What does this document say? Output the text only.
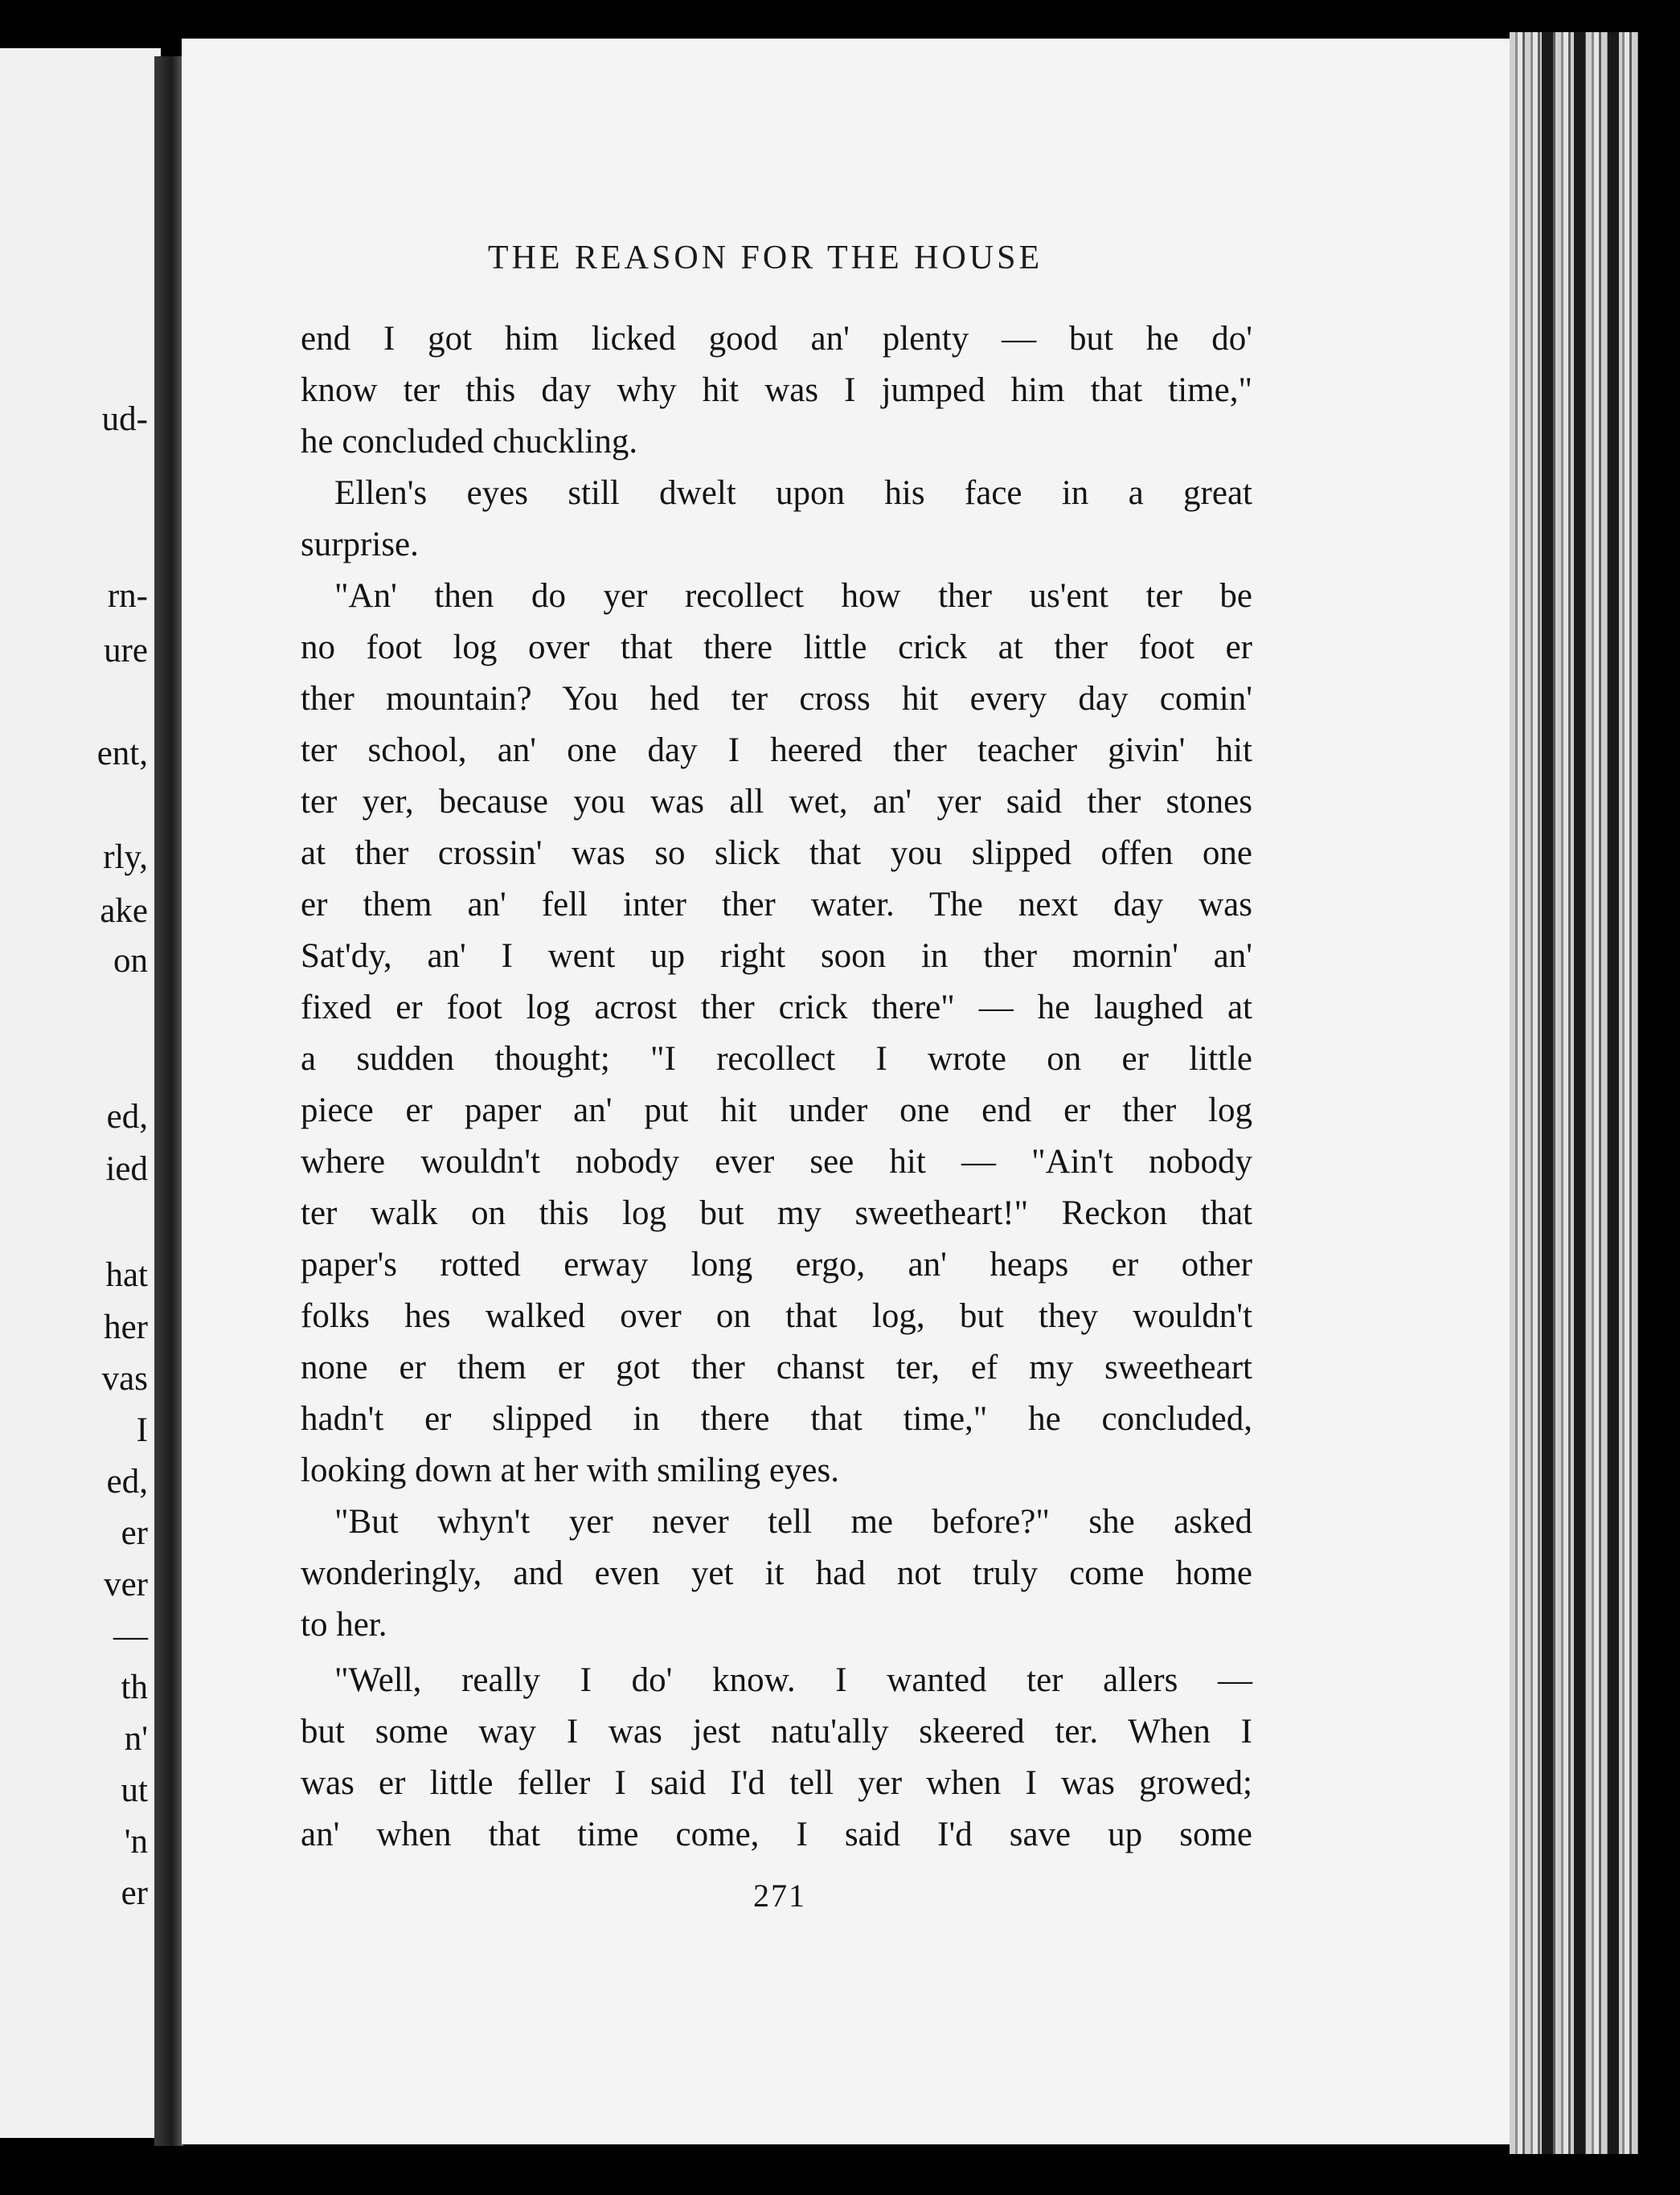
ud-
rn-
ure
ent,
rly,
ake
on
ed,
ied
hat
her
vas
I
ed,
er
ver
—
th
n'
ut
'n
er
THE REASON FOR THE HOUSE
end I got him licked good an' plenty — but he do'
know ter this day why hit was I jumped him that time,"
he concluded chuckling.
Ellen's eyes still dwelt upon his face in a great
surprise.
"An' then do yer recollect how ther us'ent ter be
no foot log over that there little crick at ther foot er
ther mountain? You hed ter cross hit every day comin'
ter school, an' one day I heered ther teacher givin' hit
ter yer, because you was all wet, an' yer said ther stones
at ther crossin' was so slick that you slipped offen one
er them an' fell inter ther water. The next day was
Sat'dy, an' I went up right soon in ther mornin' an'
fixed er foot log acrost ther crick there" — he laughed at
a sudden thought; "I recollect I wrote on er little
piece er paper an' put hit under one end er ther log
where wouldn't nobody ever see hit — "Ain't nobody
ter walk on this log but my sweetheart!" Reckon that
paper's rotted erway long ergo, an' heaps er other
folks hes walked over on that log, but they wouldn't
none er them er got ther chanst ter, ef my sweetheart
hadn't er slipped in there that time," he concluded,
looking down at her with smiling eyes.
"But whyn't yer never tell me before?" she asked
wonderingly, and even yet it had not truly come home
to her.
"Well, really I do' know. I wanted ter allers —
but some way I was jest natu'ally skeered ter. When I
was er little feller I said I'd tell yer when I was growed;
an' when that time come, I said I'd save up some
271
